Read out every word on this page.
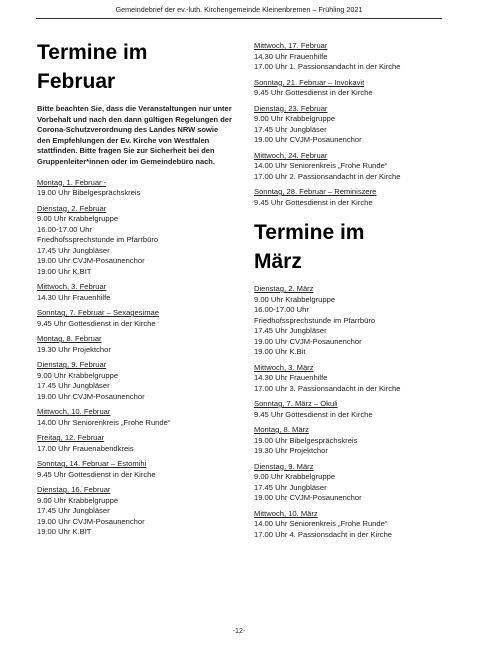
Gemeindebrief der ev.-luth. Kirchengemeinde Kleinenbremen – Frühling 2021
Termine im
Februar
Bitte beachten Sie, dass die Veranstaltungen nur unter Vorbehalt und nach den dann gültigen Regelungen der Corona-Schutzverordnung des Landes NRW sowie den Empfehlungen der Ev. Kirche von Westfalen stattfinden. Bitte fragen Sie zur Sicherheit bei den Gruppenleiter*innen oder im Gemeindebüro nach.
Montag, 1. Februar -
19.00 Uhr Bibelgesprächskreis
Dienstag, 2. Februar
9.00 Uhr Krabbelgruppe
16.00-17.00 Uhr
Friedhofssprechstunde im Pfarrbüro
17.45 Uhr Jungbläser
19.00 Uhr CVJM-Posaunenchor
19.00 Uhr K.BIT
Mittwoch, 3. Februar
14.30 Uhr Frauenhilfe
Sonntag, 7. Februar – Sexagesimae
9.45 Uhr Gottesdienst in der Kirche
Montag, 8. Februar
19.30 Uhr Projektchor
Dienstag, 9. Februar
9.00 Uhr Krabbelgruppe
17.45 Uhr Jungbläser
19.00 Uhr CVJM-Posaunenchor
Mittwoch, 10. Februar
14.00 Uhr Seniorenkreis „Frohe Runde“
Freitag, 12. Februar
17.00 Uhr Frauenabendkreis
Sonntag, 14. Februar – Estomihi
9.45 Uhr Gottesdienst in der Kirche
Dienstag, 16. Februar
9.00 Uhr Krabbelgruppe
17.45 Uhr Jungbläser
19.00 Uhr CVJM-Posaunenchor
19.00 Uhr K.BIT
Mittwoch, 17. Februar
14.30 Uhr Frauenhilfe
17.00 Uhr 1. Passionsandacht in der Kirche
Sonntag, 21. Februar – Invokavit
9.45 Uhr Gottesdienst in der Kirche
Dienstag, 23. Februar
9.00 Uhr Krabbelgruppe
17.45 Uhr Jungbläser
19.00 Uhr CVJM-Posaunenchor
Mittwoch, 24. Februar
14.00 Uhr Seniorenkreis „Frohe Runde“
17.00 Uhr 2. Passionsandacht in der Kirche
Sonntag, 28. Februar – Reminiszere
9.45 Uhr Gottesdienst in der Kirche
Termine im
März
Dienstag, 2. März
9.00 Uhr Krabbelgruppe
16.00-17.00 Uhr
Friedhofssprechstunde im Pfarrbüro
17.45 Uhr Jungbläser
19.00 Uhr CVJM-Posaunenchor
19.00 Uhr K.Bit
Mittwoch, 3. März
14.30 Uhr Frauenhilfe
17.00 Uhr 3. Passionsandacht in der Kirche
Sonntag, 7. März – Okuli
9.45 Uhr Gottesdienst in der Kirche
Montag, 8. März
19.00 Uhr Bibelgesprächskreis
19.30 Uhr Projektchor
Dienstag, 9. März
9.00 Uhr Krabbelgruppe
17.45 Uhr Jungbläser
19.00 Uhr CVJM-Posaunenchor
Mittwoch, 10. März
14.00 Uhr Seniorenkreis „Frohe Runde“
17.00 Uhr 4. Passionsdacht in der Kirche
-12-
